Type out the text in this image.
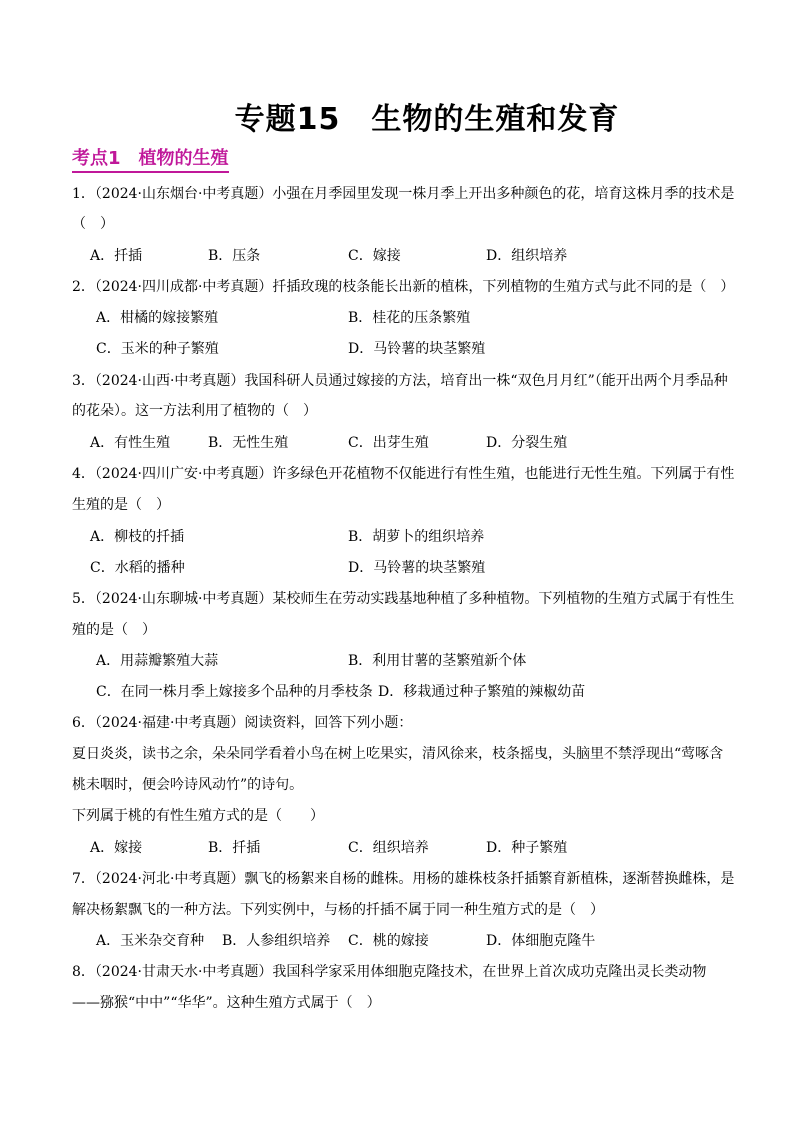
专题15　生物的生殖和发育
考点1　植物的生殖
1．（2024·山东烟台·中考真题）小强在月季园里发现一株月季上开出多种颜色的花，培育这株月季的技术是
（　）
A．扦插	B．压条	C．嫁接	D．组织培养
2．（2024·四川成都·中考真题）扦插玫瑰的枝条能长出新的植株，下列植物的生殖方式与此不同的是（　）
A．柑橘的嫁接繁殖	B．桂花的压条繁殖
C．玉米的种子繁殖	D．马铃薯的块茎繁殖
3．（2024·山西·中考真题）我国科研人员通过嫁接的方法，培育出一株“双色月月红”（能开出两个月季品种
的花朵）。这一方法利用了植物的（　）
A．有性生殖	B．无性生殖	C．出芽生殖	D．分裂生殖
4．（2024·四川广安·中考真题）许多绿色开花植物不仅能进行有性生殖，也能进行无性生殖。下列属于有性
生殖的是（　）
A．柳枝的扦插	B．胡萝卜的组织培养
C．水稻的播种	D．马铃薯的块茎繁殖
5．（2024·山东聊城·中考真题）某校师生在劳动实践基地种植了多种植物。下列植物的生殖方式属于有性生
殖的是（　）
A．用蒜瓣繁殖大蒜	B．利用甘薯的茎繁殖新个体
C．在同一株月季上嫁接多个品种的月季枝条 D．移栽通过种子繁殖的辣椒幼苗
6．（2024·福建·中考真题）阅读资料，回答下列小题：
夏日炎炎，读书之余，朵朵同学看着小鸟在树上吃果实，清风徐来，枝条摇曳，头脑里不禁浮现出“莺啄含
桃未咽时，便会吟诗风动竹”的诗句。
下列属于桃的有性生殖方式的是（　　）
A．嫁接	B．扦插	C．组织培养	D．种子繁殖
7．（2024·河北·中考真题）飘飞的杨絮来自杨的雌株。用杨的雄株枝条扦插繁育新植株，逐渐替换雌株，是
解决杨絮飘飞的一种方法。下列实例中，与杨的扦插不属于同一种生殖方式的是（　）
A．玉米杂交育种 B．人参组织培养 C．桃的嫁接	D．体细胞克隆牛
8．（2024·甘肃天水·中考真题）我国科学家采用体细胞克隆技术，在世界上首次成功克隆出灵长类动物
——猕猴“中中”“华华”。这种生殖方式属于（　）
